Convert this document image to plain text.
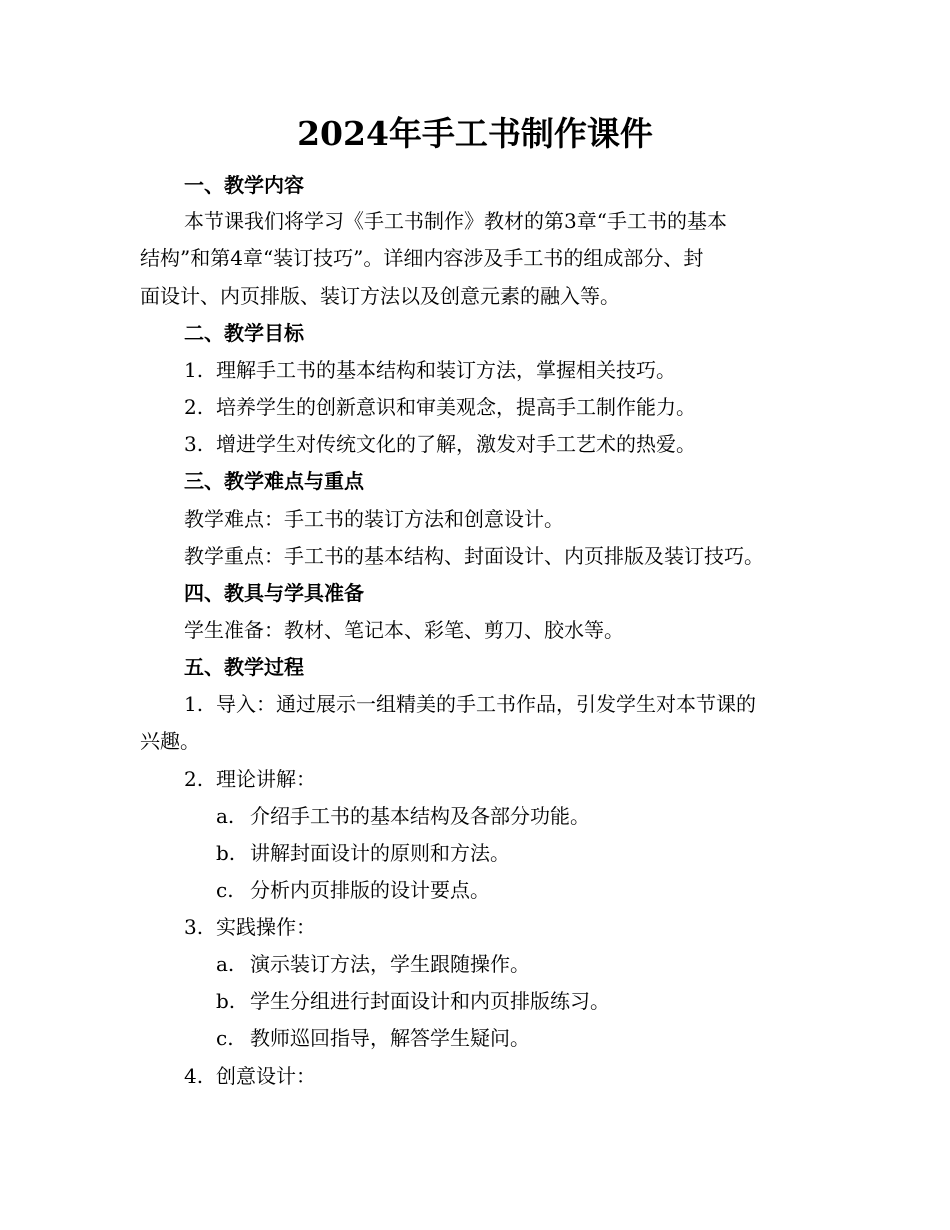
2024年手工书制作课件
一、教学内容
本节课我们将学习《手工书制作》教材的第3章“手工书的基本
结构”和第4章“装订技巧”。详细内容涉及手工书的组成部分、封
面设计、内页排版、装订方法以及创意元素的融入等。
二、教学目标
1. 理解手工书的基本结构和装订方法，掌握相关技巧。
2. 培养学生的创新意识和审美观念，提高手工制作能力。
3. 增进学生对传统文化的了解，激发对手工艺术的热爱。
三、教学难点与重点
教学难点：手工书的装订方法和创意设计。
教学重点：手工书的基本结构、封面设计、内页排版及装订技巧。
四、教具与学具准备
学生准备：教材、笔记本、彩笔、剪刀、胶水等。
五、教学过程
1. 导入：通过展示一组精美的手工书作品，引发学生对本节课的
兴趣。
2. 理论讲解：
a. 介绍手工书的基本结构及各部分功能。
b. 讲解封面设计的原则和方法。
c. 分析内页排版的设计要点。
3. 实践操作：
a. 演示装订方法，学生跟随操作。
b. 学生分组进行封面设计和内页排版练习。
c. 教师巡回指导，解答学生疑问。
4. 创意设计：
